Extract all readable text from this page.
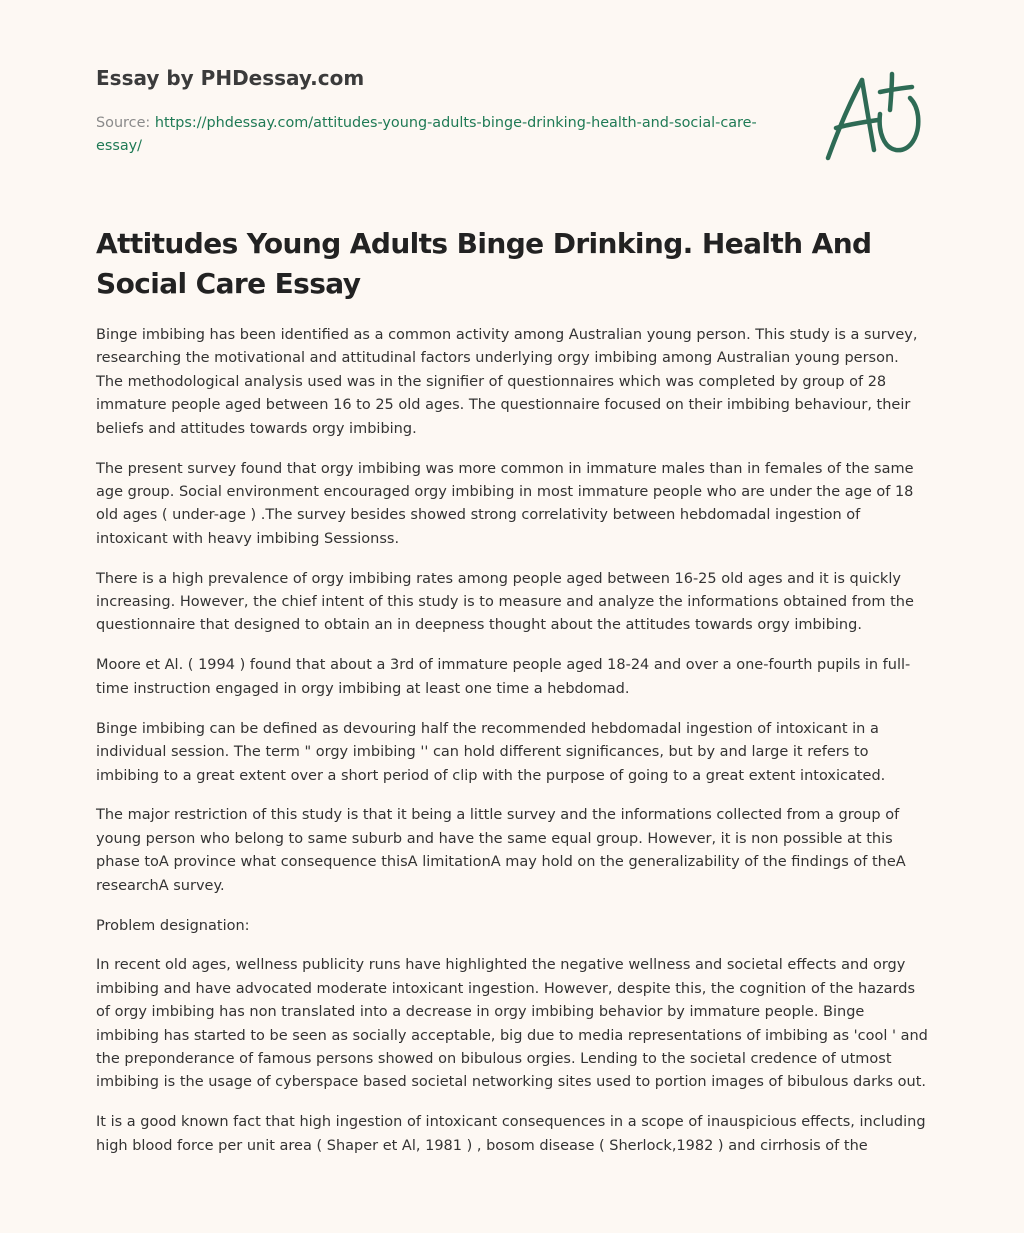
Essay by PHDessay.com
Source: https://phdessay.com/attitudes-young-adults-binge-drinking-health-and-social-care-essay/
Attitudes Young Adults Binge Drinking. Health And Social Care Essay

Binge imbibing has been identified as a common activity among Australian young person. This study is a survey, researching the motivational and attitudinal factors underlying orgy imbibing among Australian young person. The methodological analysis used was in the signifier of questionnaires which was completed by group of 28 immature people aged between 16 to 25 old ages. The questionnaire focused on their imbibing behaviour, their beliefs and attitudes towards orgy imbibing.

The present survey found that orgy imbibing was more common in immature males than in females of the same age group. Social environment encouraged orgy imbibing in most immature people who are under the age of 18 old ages ( under-age ) .The survey besides showed strong correlativity between hebdomadal ingestion of intoxicant with heavy imbibing Sessionss.

There is a high prevalence of orgy imbibing rates among people aged between 16-25 old ages and it is quickly increasing. However, the chief intent of this study is to measure and analyze the informations obtained from the questionnaire that designed to obtain an in deepness thought about the attitudes towards orgy imbibing.

Moore et Al. ( 1994 ) found that about a 3rd of immature people aged 18-24 and over a one-fourth pupils in full-time instruction engaged in orgy imbibing at least one time a hebdomad.

Binge imbibing can be defined as devouring half the recommended hebdomadal ingestion of intoxicant in a individual session. The term " orgy imbibing '' can hold different significances, but by and large it refers to imbibing to a great extent over a short period of clip with the purpose of going to a great extent intoxicated.

The major restriction of this study is that it being a little survey and the informations collected from a group of young person who belong to same suburb and have the same equal group. However, it is non possible at this phase toA province what consequence thisA limitationA may hold on the generalizability of the findings of theA researchA survey.

Problem designation:

In recent old ages, wellness publicity runs have highlighted the negative wellness and societal effects and orgy imbibing and have advocated moderate intoxicant ingestion. However, despite this, the cognition of the hazards of orgy imbibing has non translated into a decrease in orgy imbibing behavior by immature people. Binge imbibing has started to be seen as socially acceptable, big due to media representations of imbibing as 'cool ' and the preponderance of famous persons showed on bibulous orgies. Lending to the societal credence of utmost imbibing is the usage of cyberspace based societal networking sites used to portion images of bibulous darks out.

It is a good known fact that high ingestion of intoxicant consequences in a scope of inauspicious effects, including high blood force per unit area ( Shaper et Al, 1981 ) , bosom disease ( Sherlock,1982 ) and cirrhosis of the
